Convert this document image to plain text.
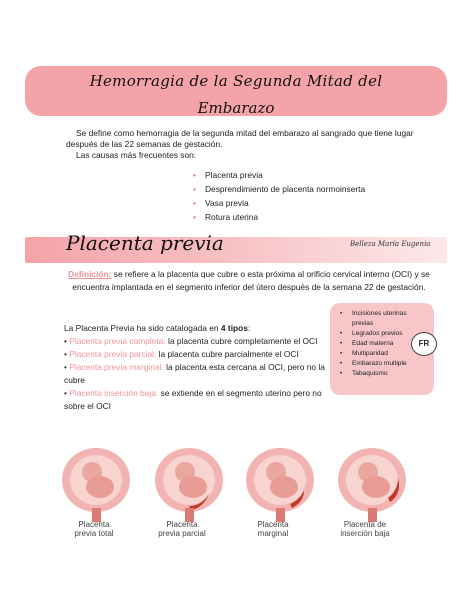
Hemorragia de la Segunda Mitad del
Embarazo

Se define como hemorragia de la segunda mitad del embarazo al sangrado que tiene lugar después de las 22 semanas de gestación.

Las causas más frecuentes son:

• Placenta previa
• Desprendimiento de placenta normoinserta
• Vasa previa
• Rotura uterina
Placenta previa	Belleza María Eugenia
Definición: se refiere a la placenta que cubre o esta próxima al orificio cervical interno (OCI) y se encuentra implantada en el segmento inferior del útero después de la semana 22 de gestación.

La Placenta Previa ha sido catalogada en 4 tipos:

• Placenta previa completa: la placenta cubre completamente el OCI

• Placenta previa parcial: la placenta cubre parcialmente el OCI

• Placenta previa marginal: la placenta esta cercana al OCI, pero no la cubre

• Placenta inserción baja: se extiende en el segmento uterino pero no sobre el OCI

• Incisiones uterinas previas
• Legrados previos
• Edad materna
• Multiparidad
• Embarazo multiple
• Tabaquismo
FR
Placenta
previa total
Placenta
previa parcial
Placenta
marginal
Placenta de
inserción baja
